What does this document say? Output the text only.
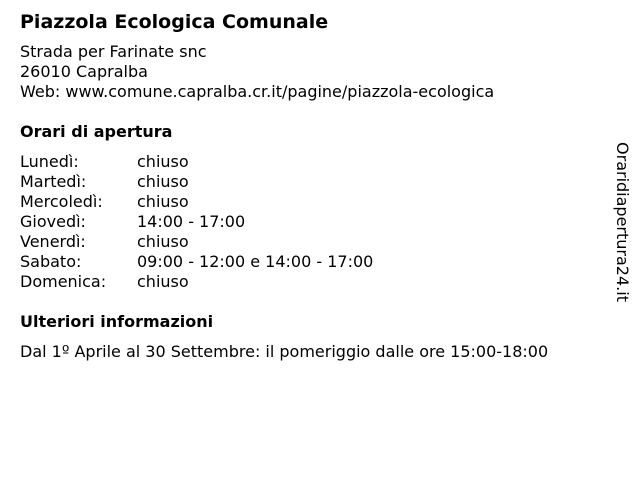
Piazzola Ecologica Comunale
Strada per Farinate snc
26010 Capralba
Web: www.comune.capralba.cr.it/pagine/piazzola-ecologica
Orari di apertura
Lunedì:	chiuso
Martedì:	chiuso
Mercoledì:	chiuso
Giovedì:	14:00 - 17:00
Venerdì:	chiuso
Sabato:	09:00 - 12:00 e 14:00 - 17:00
Domenica:	chiuso
Ulteriori informazioni
Dal 1º Aprile al 30 Settembre: il pomeriggio dalle ore 15:00-18:00
Oraridiapertura24.it
